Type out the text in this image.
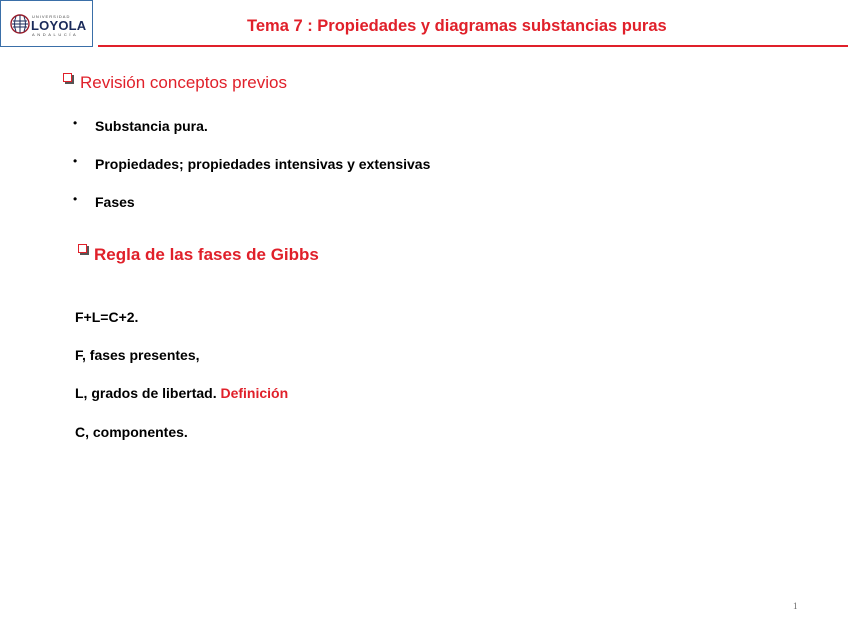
UNIVERSIDAD
LOYOLA
ANDALUCÍA	Tema 7 : Propiedades y diagramas substancias puras
Revisión conceptos previos
• Substancia pura.
• Propiedades; propiedades intensivas y extensivas
• Fases
Regla de las fases de Gibbs
F+L=C+2.
F, fases presentes,
L, grados de libertad. Definición
C, componentes.
1
